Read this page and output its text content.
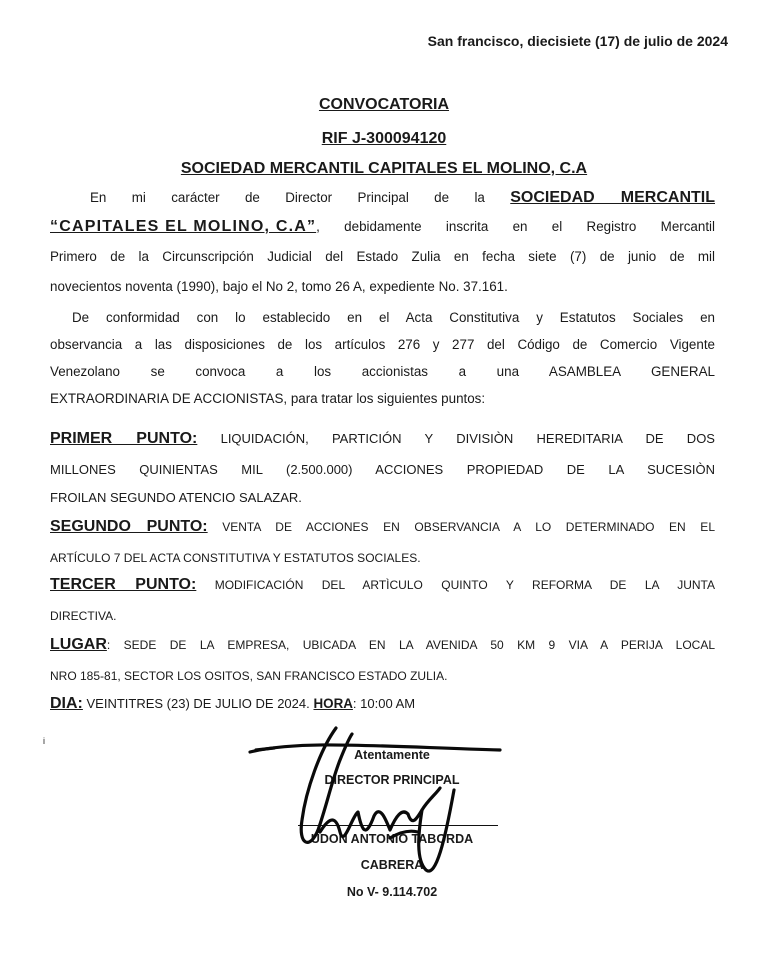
San francisco, diecisiete (17) de julio de 2024
CONVOCATORIA
RIF J-300094120
SOCIEDAD MERCANTIL CAPITALES EL MOLINO, C.A
En mi carácter de Director Principal de la SOCIEDAD MERCANTIL
“CAPITALES EL MOLINO, C.A” , debidamente inscrita en el Registro Mercantil
Primero de la Circunscripción Judicial del Estado Zulia en fecha siete (7) de junio de mil
novecientos noventa (1990), bajo el No 2, tomo 26 A, expediente No. 37.161.
De conformidad con lo establecido en el Acta Constitutiva y Estatutos Sociales en
observancia a las disposiciones de los artículos 276 y 277 del Código de Comercio Vigente
Venezolano se convoca a los accionistas a una ASAMBLEA GENERAL
EXTRAORDINARIA DE ACCIONISTAS, para tratar los siguientes puntos:
PRIMER PUNTO: LIQUIDACIÓN, PARTICIÓN Y DIVISIÒN HEREDITARIA DE DOS
MILLONES QUINIENTAS MIL (2.500.000) ACCIONES PROPIEDAD DE LA SUCESIÒN
FROILAN SEGUNDO ATENCIO SALAZAR.
SEGUNDO PUNTO: VENTA DE ACCIONES EN OBSERVANCIA A LO DETERMINADO EN EL
ARTÍCULO 7 DEL ACTA CONSTITUTIVA Y ESTATUTOS SOCIALES.
TERCER PUNTO: MODIFICACIÓN DEL ARTÌCULO QUINTO Y REFORMA DE LA JUNTA
DIRECTIVA.
LUGAR: SEDE DE LA EMPRESA, UBICADA EN LA AVENIDA 50 KM 9 VIA A PERIJA LOCAL
NRO 185-81, SECTOR LOS OSITOS, SAN FRANCISCO ESTADO ZULIA.
DIA: VEINTITRES (23) DE JULIO DE 2024. HORA: 10:00 AM
i
Atentamente
DIRECTOR PRINCIPAL
UDON ANTONIO TABORDA
CABRERA
No V- 9.114.702
